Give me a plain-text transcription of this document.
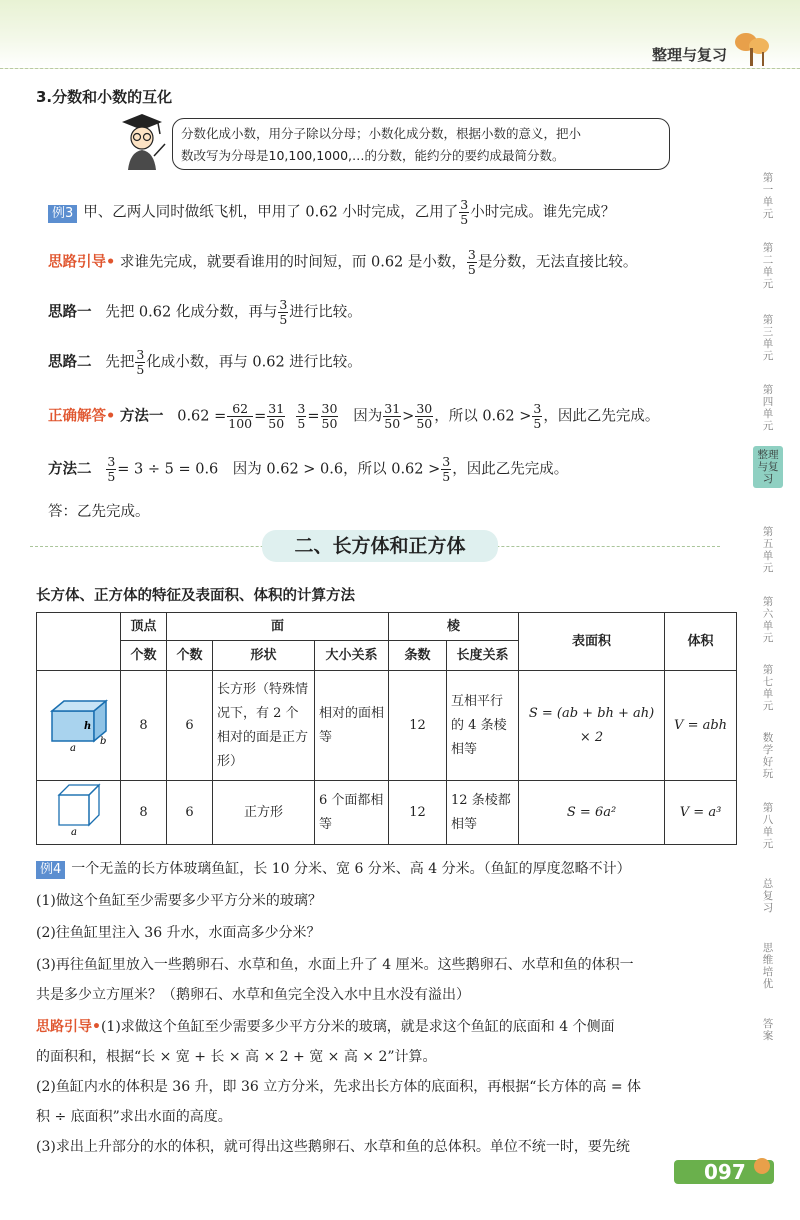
整理与复习
3.分数和小数的互化
分数化成小数，用分子除以分母；小数化成分数，根据小数的意义，把小
数改写为分母是10,100,1000,…的分数，能约分的要约成最简分数。
例3 甲、乙两人同时做纸飞机，甲用了 0.62 小时完成，乙用了 $\frac{3}{5}$ 小时完成。谁先完成？
思路引导• 求谁先完成，就要看谁用的时间短，而 0.62 是小数， $\frac{3}{5}$ 是分数，无法直接比较。
思路一 先把 0.62 化成分数，再与 $\frac{3}{5}$ 进行比较。
思路二 先把 $\frac{3}{5}$ 化成小数，再与 0.62 进行比较。
正确解答• 方法一 $0.62 = \frac{62}{100} = \frac{31}{50}$
$\frac{3}{5} = \frac{30}{50}$ 因为 $\frac{31}{50} > \frac{30}{50}$ ，所以 $0.62 > \frac{3}{5}$ ，因此乙先完成。
方法二 $\frac{3}{5} = 3 \div 5 = 0.6$　因为 0.62 > 0.6，所以 $0.62 > \frac{3}{5}$ ，因此乙先完成。
答：乙先完成。
二、长方体和正方体
长方体、正方体的特征及表面积、体积的计算方法
	顶点	面			棱		表面积	体积
	个数	个数	形状	大小关系	条数	长度关系		

a
b
h	8	6	长方形（特殊情况下，有 2 个相对的面是正方形）	相对的面相等	12	互相平行的 4 条棱相等	S = (ab + bh + ah) × 2	V = abh

a	8	6	正方形	6 个面都相等	12	12 条棱都相等	S = 6a²	V = a³
例4 一个无盖的长方体玻璃鱼缸，长 10 分米、宽 6 分米、高 4 分米。（鱼缸的厚度忽略不计）
(1)做这个鱼缸至少需要多少平方分米的玻璃？
(2)往鱼缸里注入 36 升水，水面高多少分米？
(3)再往鱼缸里放入一些鹅卵石、水草和鱼，水面上升了 4 厘米。这些鹅卵石、水草和鱼的体积一
共是多少立方厘米？（鹅卵石、水草和鱼完全没入水中且水没有溢出）
思路引导•(1)求做这个鱼缸至少需要多少平方分米的玻璃，就是求这个鱼缸的底面和 4 个侧面
的面积和，根据“长 × 宽 + 长 × 高 × 2 + 宽 × 高 × 2”计算。
(2)鱼缸内水的体积是 36 升，即 36 立方分米，先求出长方体的底面积，再根据“长方体的高 = 体
积 ÷ 底面积”求出水面的高度。
(3)求出上升部分的水的体积，就可得出这些鹅卵石、水草和鱼的总体积。单位不统一时，要先统
第一单元
第二单元
第三单元
第四单元
整理与复习
第五单元
第六单元
第七单元
数学好玩
第八单元
总复习
思维培优
答案
097
